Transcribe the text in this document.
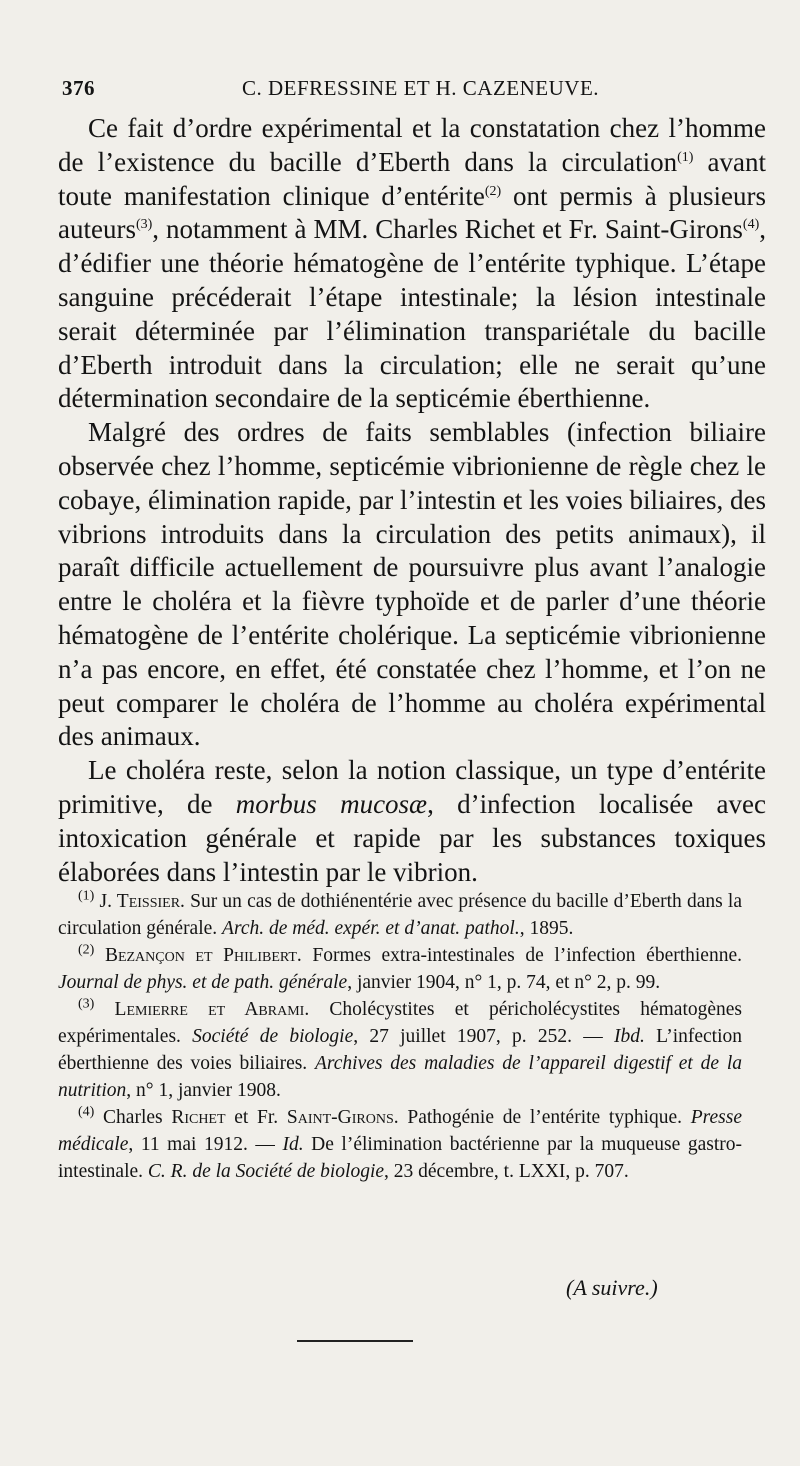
376	C. DEFRESSINE ET H. CAZENEUVE.

Ce fait d’ordre expérimental et la constatation chez l’homme de l’existence du bacille d’Eberth dans la circulation$^{(1)}$ avant toute manifestation clinique d’entérite$^{(2)}$ ont permis à plusieurs auteurs$^{(3)}$, notamment à MM. Charles Richet et Fr. Saint-Girons$^{(4)}$, d’édifier une théorie hématogène de l’entérite typhique. L’étape sanguine précéderait l’étape intestinale; la lésion intestinale serait déterminée par l’élimination transpariétale du bacille d’Eberth introduit dans la circulation; elle ne serait qu’une détermination secondaire de la septicémie éberthienne.

Malgré des ordres de faits semblables (infection biliaire observée chez l’homme, septicémie vibrionienne de règle chez le cobaye, élimination rapide, par l’intestin et les voies biliaires, des vibrions introduits dans la circulation des petits animaux), il paraît difficile actuellement de poursuivre plus avant l’analogie entre le choléra et la fièvre typhoïde et de parler d’une théorie hématogène de l’entérite cholérique. La septicémie vibrionienne n’a pas encore, en effet, été constatée chez l’homme, et l’on ne peut comparer le choléra de l’homme au choléra expérimental des animaux.

Le choléra reste, selon la notion classique, un type d’entérite primitive, de morbus mucosæ, d’infection localisée avec intoxication générale et rapide par les substances toxiques élaborées dans l’intestin par le vibrion.

$^{(1)}$ J. Teissier. Sur un cas de dothiénentérie avec présence du bacille d’Eberth dans la circulation générale. Arch. de méd. expér. et d’anat. pathol., 1895.

$^{(2)}$ Bezançon et Philibert. Formes extra-intestinales de l’infection éberthienne. Journal de phys. et de path. générale, janvier 1904, n° 1, p. 74, et n° 2, p. 99.

$^{(3)}$ Lemierre et Abrami. Cholécystites et péricholécystites hématogènes expérimentales. Société de biologie, 27 juillet 1907, p. 252. — Ibd. L’infection éberthienne des voies biliaires. Archives des maladies de l’appareil digestif et de la nutrition, n° 1, janvier 1908.

$^{(4)}$ Charles Richet et Fr. Saint-Girons. Pathogénie de l’entérite typhique. Presse médicale, 11 mai 1912. — Id. De l’élimination bactérienne par la muqueuse gastro-intestinale. C. R. de la Société de biologie, 23 décembre, t. LXXI, p. 707.

(A suivre.)
